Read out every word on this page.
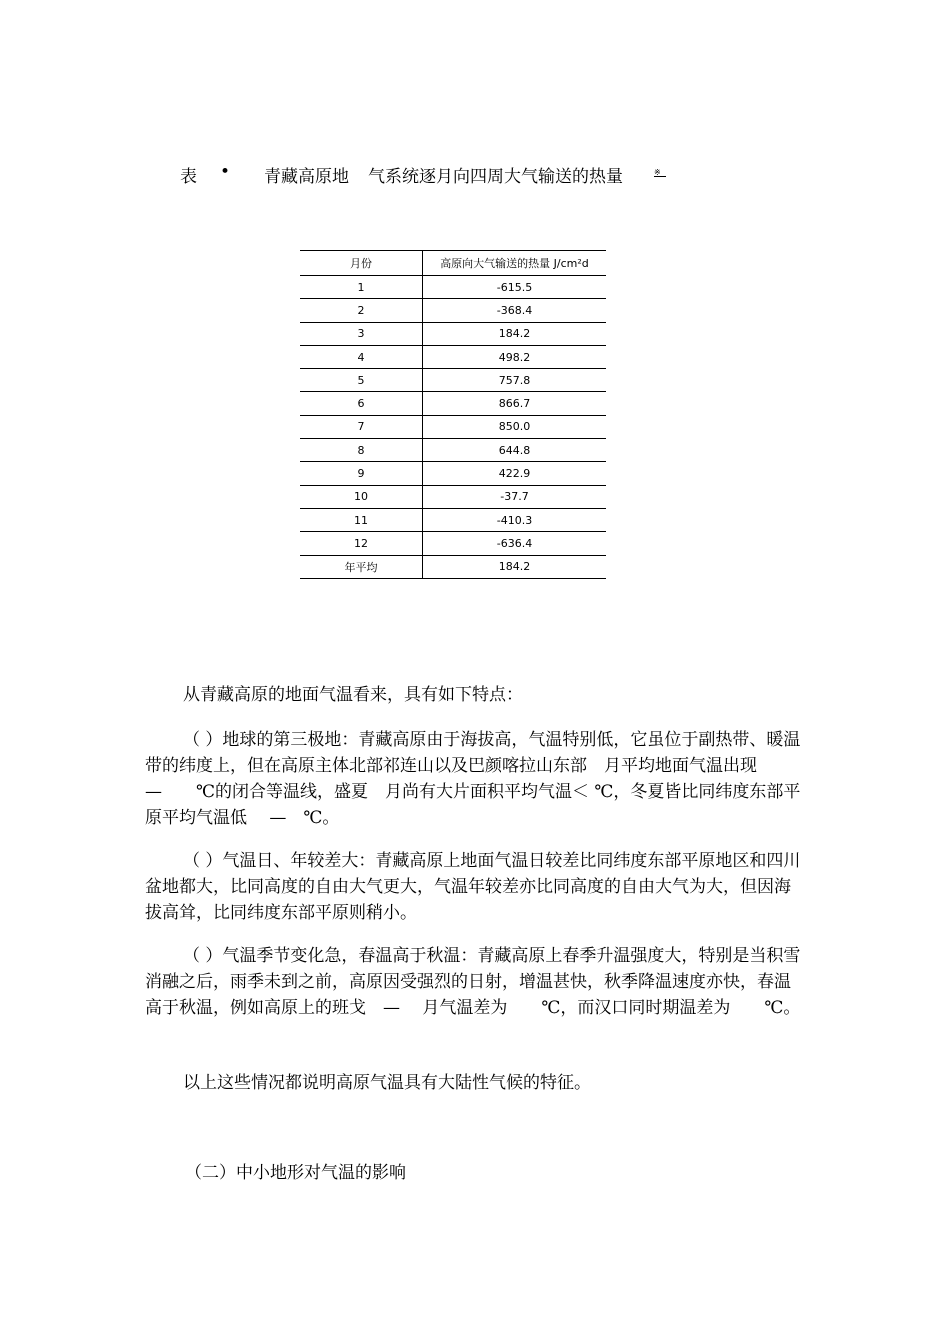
表 • 青藏高原地 气系统逐月向四周大气输送的热量	※
月份	高原向大气输送的热量 J/cm²d
1	-615.5
2	-368.4
3	184.2
4	498.2
5	757.8
6	866.7
7	850.0
8	644.8
9	422.9
10	-37.7
11	-410.3
12	-636.4
年平均	184.2
从青藏高原的地面气温看来，具有如下特点：
（ ）地球的第三极地：青藏高原由于海拔高，气温特别低，它虽位于副热带、暖温带的纬度上，但在高原主体北部祁连山以及巴颜喀拉山东部　月平均地面气温出现　　—　　℃的闭合等温线，盛夏　月尚有大片面积平均气温＜ ℃，冬夏皆比同纬度东部平原平均气温低　 —　℃。
（ ）气温日、年较差大：青藏高原上地面气温日较差比同纬度东部平原地区和四川盆地都大，比同高度的自由大气更大，气温年较差亦比同高度的自由大气为大，但因海拔高耸，比同纬度东部平原则稍小。
（ ）气温季节变化急，春温高于秋温：青藏高原上春季升温强度大，特别是当积雪消融之后，雨季未到之前，高原因受强烈的日射，增温甚快，秋季降温速度亦快，春温高于秋温，例如高原上的班戈　—　 月气温差为　　℃，而汉口同时期温差为　　℃。
以上这些情况都说明高原气温具有大陆性气候的特征。
（二）中小地形对气温的影响
